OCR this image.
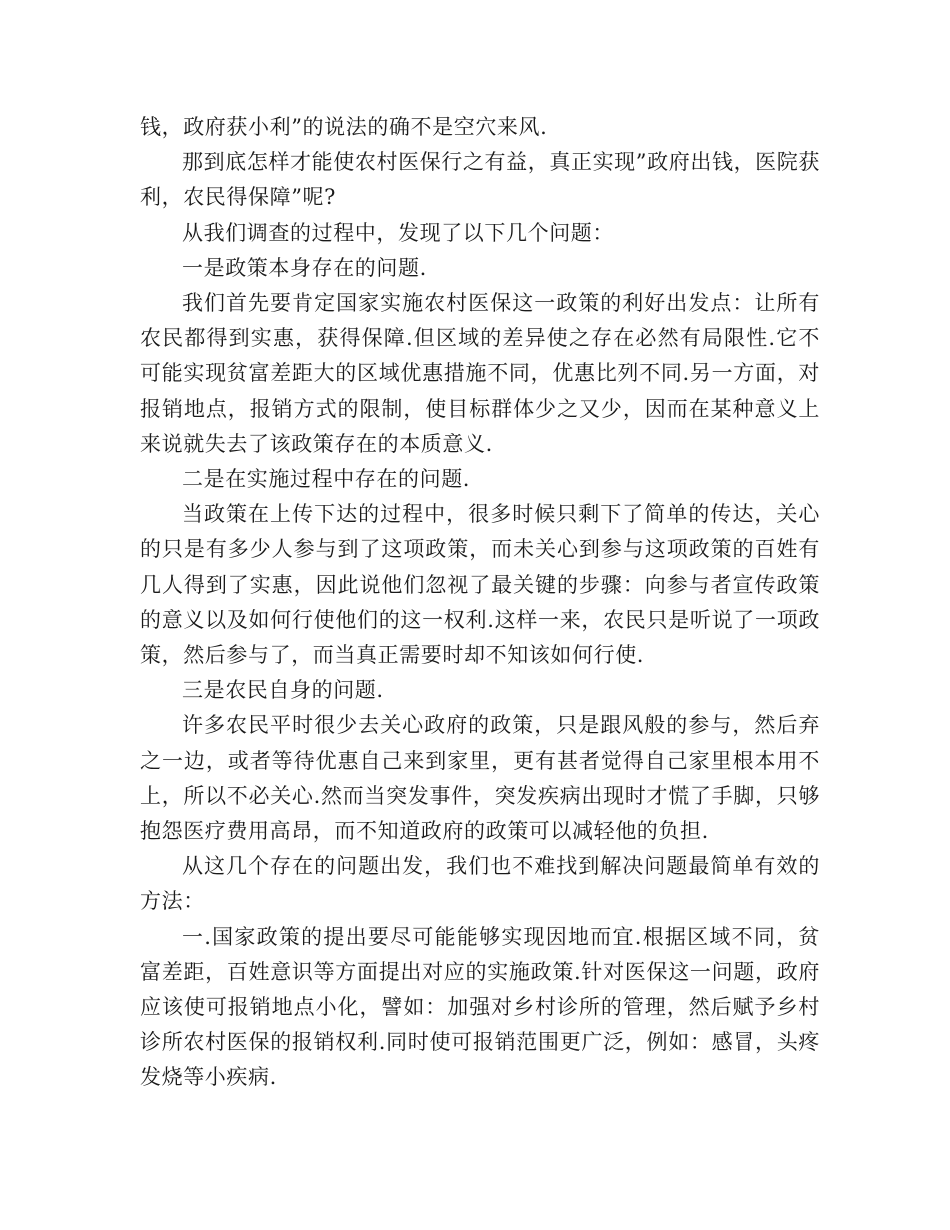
钱，政府获小利”的说法的确不是空穴来风.

那到底怎样才能使农村医保行之有益，真正实现”政府出钱，医院获利，农民得保障”呢?

从我们调查的过程中，发现了以下几个问题：

一是政策本身存在的问题.

我们首先要肯定国家实施农村医保这一政策的利好出发点：让所有农民都得到实惠，获得保障.但区域的差异使之存在必然有局限性.它不可能实现贫富差距大的区域优惠措施不同，优惠比列不同.另一方面，对报销地点，报销方式的限制，使目标群体少之又少，因而在某种意义上来说就失去了该政策存在的本质意义.

二是在实施过程中存在的问题.

当政策在上传下达的过程中，很多时候只剩下了简单的传达，关心的只是有多少人参与到了这项政策，而未关心到参与这项政策的百姓有几人得到了实惠，因此说他们忽视了最关键的步骤：向参与者宣传政策的意义以及如何行使他们的这一权利.这样一来，农民只是听说了一项政策，然后参与了，而当真正需要时却不知该如何行使.

三是农民自身的问题.

许多农民平时很少去关心政府的政策，只是跟风般的参与，然后弃之一边，或者等待优惠自己来到家里，更有甚者觉得自己家里根本用不上，所以不必关心.然而当突发事件，突发疾病出现时才慌了手脚，只够抱怨医疗费用高昂，而不知道政府的政策可以减轻他的负担.

从这几个存在的问题出发，我们也不难找到解决问题最简单有效的方法：

一.国家政策的提出要尽可能能够实现因地而宜.根据区域不同，贫富差距，百姓意识等方面提出对应的实施政策.针对医保这一问题，政府应该使可报销地点小化，譬如：加强对乡村诊所的管理，然后赋予乡村诊所农村医保的报销权利.同时使可报销范围更广泛，例如：感冒，头疼发烧等小疾病.
